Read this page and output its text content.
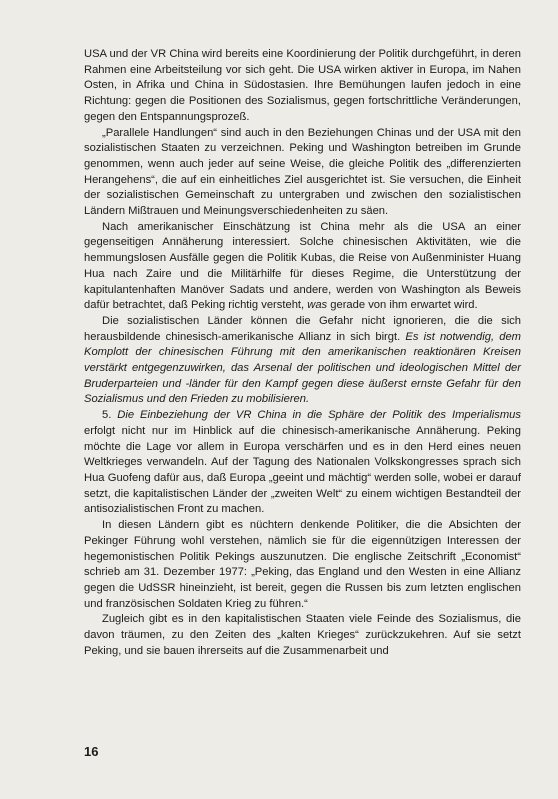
USA und der VR China wird bereits eine Koordinierung der Politik durchgeführt, in deren Rahmen eine Arbeitsteilung vor sich geht. Die USA wirken aktiver in Europa, im Nahen Osten, in Afrika und China in Südostasien. Ihre Bemühungen laufen jedoch in eine Richtung: gegen die Positionen des Sozialismus, gegen fortschrittliche Veränderungen, gegen den Entspannungsprozeß.

„Parallele Handlungen“ sind auch in den Beziehungen Chinas und der USA mit den sozialistischen Staaten zu verzeichnen. Peking und Washington betreiben im Grunde genommen, wenn auch jeder auf seine Weise, die gleiche Politik des „differenzierten Herangehens“, die auf ein einheitliches Ziel ausgerichtet ist. Sie versuchen, die Einheit der sozialistischen Gemeinschaft zu untergraben und zwischen den sozialistischen Ländern Mißtrauen und Meinungsverschiedenheiten zu säen.

Nach amerikanischer Einschätzung ist China mehr als die USA an einer gegenseitigen Annäherung interessiert. Solche chinesischen Aktivitäten, wie die hemmungslosen Ausfälle gegen die Politik Kubas, die Reise von Außenminister Huang Hua nach Zaire und die Militärhilfe für dieses Regime, die Unterstützung der kapitulantenhaften Manöver Sadats und andere, werden von Washington als Beweis dafür betrachtet, daß Peking richtig versteht, was gerade von ihm erwartet wird.

Die sozialistischen Länder können die Gefahr nicht ignorieren, die die sich herausbildende chinesisch-amerikanische Allianz in sich birgt. Es ist notwendig, dem Komplott der chinesischen Führung mit den amerikanischen reaktionären Kreisen verstärkt entgegenzuwirken, das Arsenal der politischen und ideologischen Mittel der Bruderparteien und -länder für den Kampf gegen diese äußerst ernste Gefahr für den Sozialismus und den Frieden zu mobilisieren.

5. Die Einbeziehung der VR China in die Sphäre der Politik des Imperialismus erfolgt nicht nur im Hinblick auf die chinesisch-amerikanische Annäherung. Peking möchte die Lage vor allem in Europa verschärfen und es in den Herd eines neuen Weltkrieges verwandeln. Auf der Tagung des Nationalen Volkskongresses sprach sich Hua Guofeng dafür aus, daß Europa „geeint und mächtig“ werden solle, wobei er darauf setzt, die kapitalistischen Länder der „zweiten Welt“ zu einem wichtigen Bestandteil der antisozialistischen Front zu machen.

In diesen Ländern gibt es nüchtern denkende Politiker, die die Absichten der Pekinger Führung wohl verstehen, nämlich sie für die eigennützigen Interessen der hegemonistischen Politik Pekings auszunutzen. Die englische Zeitschrift „Economist“ schrieb am 31. Dezember 1977: „Peking, das England und den Westen in eine Allianz gegen die UdSSR hineinzieht, ist bereit, gegen die Russen bis zum letzten englischen und französischen Soldaten Krieg zu führen.“

Zugleich gibt es in den kapitalistischen Staaten viele Feinde des Sozialismus, die davon träumen, zu den Zeiten des „kalten Krieges“ zurückzukehren. Auf sie setzt Peking, und sie bauen ihrerseits auf die Zusammenarbeit und

16
